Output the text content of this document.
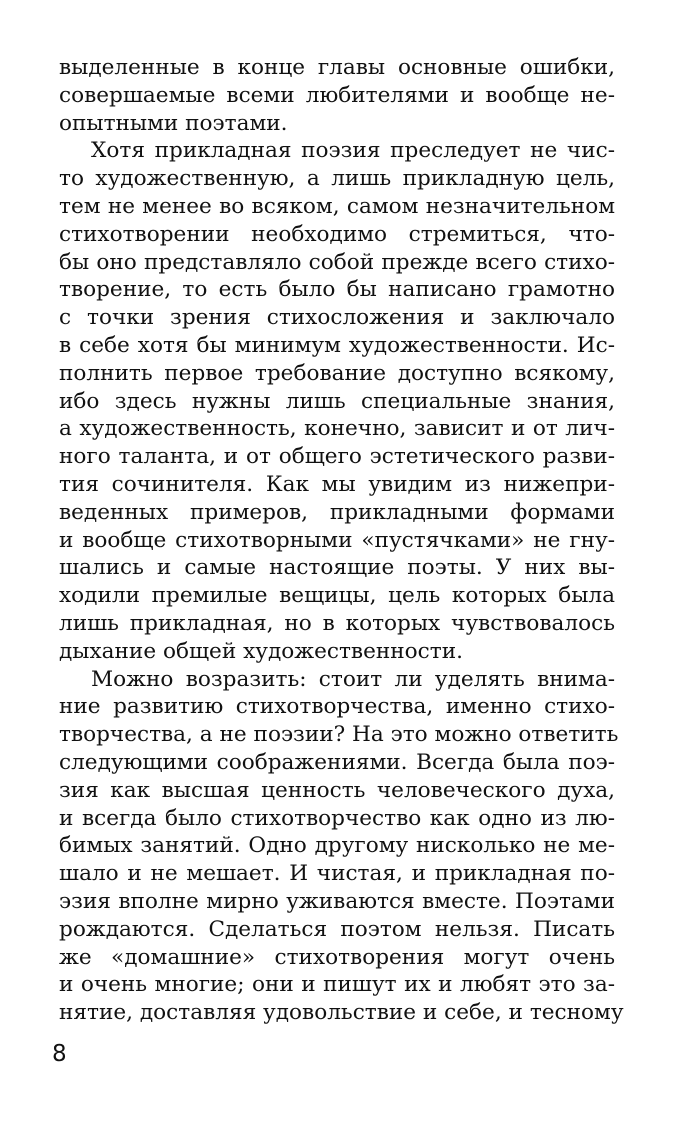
выделенные в конце главы основные ошибки,
совершаемые всеми любителями и вообще не-
опытными поэтами.

Хотя прикладная поэзия преследует не чис-
то художественную, а лишь прикладную цель,
тем не менее во всяком, самом незначительном
стихотворении необходимо стремиться, что-
бы оно представляло собой прежде всего стихо-
творение, то есть было бы написано грамотно
с точки зрения стихосложения и заключало
в себе хотя бы минимум художественности. Ис-
полнить первое требование доступно всякому,
ибо здесь нужны лишь специальные знания,
а художественность, конечно, зависит и от лич-
ного таланта, и от общего эстетического разви-
тия сочинителя. Как мы увидим из нижепри-
веденных примеров, прикладными формами
и вообще стихотворными «пустячками» не гну-
шались и самые настоящие поэты. У них вы-
ходили премилые вещицы, цель которых была
лишь прикладная, но в которых чувствовалось
дыхание общей художественности.

Можно возразить: стоит ли уделять внима-
ние развитию стихотворчества, именно стихо-
творчества, а не поэзии? На это можно ответить
следующими соображениями. Всегда была поэ-
зия как высшая ценность человеческого духа,
и всегда было стихотворчество как одно из лю-
бимых занятий. Одно другому нисколько не ме-
шало и не мешает. И чистая, и прикладная по-
эзия вполне мирно уживаются вместе. Поэтами
рождаются. Сделаться поэтом нельзя. Писать
же «домашние» стихотворения могут очень
и очень многие; они и пишут их и любят это за-
нятие, доставляя удовольствие и себе, и тесному

8
